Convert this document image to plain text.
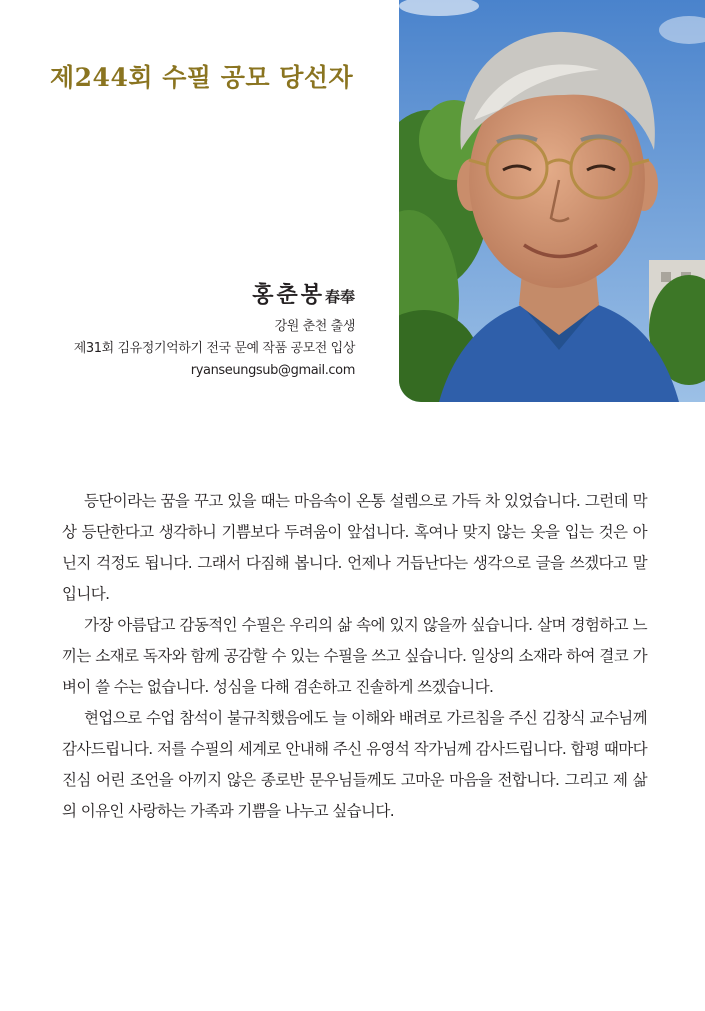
제244회 수필 공모 당선자
홍춘봉春奉
강원 춘천 출생
제31회 김유정기억하기 전국 문예 작품 공모전 입상
ryanseungsub@gmail.com

등단이라는 꿈을 꾸고 있을 때는 마음속이 온통 설렘으로 가득 차 있었습니다. 그런데 막상 등단한다고 생각하니 기쁨보다 두려움이 앞섭니다. 혹여나 맞지 않는 옷을 입는 것은 아닌지 걱정도 됩니다. 그래서 다짐해 봅니다. 언제나 거듭난다는 생각으로 글을 쓰겠다고 말입니다.

가장 아름답고 감동적인 수필은 우리의 삶 속에 있지 않을까 싶습니다. 살며 경험하고 느끼는 소재로 독자와 함께 공감할 수 있는 수필을 쓰고 싶습니다. 일상의 소재라 하여 결코 가벼이 쓸 수는 없습니다. 성심을 다해 겸손하고 진솔하게 쓰겠습니다.

현업으로 수업 참석이 불규칙했음에도 늘 이해와 배려로 가르침을 주신 김창식 교수님께 감사드립니다. 저를 수필의 세계로 안내해 주신 유영석 작가님께 감사드립니다. 합평 때마다 진심 어린 조언을 아끼지 않은 종로반 문우님들께도 고마운 마음을 전합니다. 그리고 제 삶의 이유인 사랑하는 가족과 기쁨을 나누고 싶습니다.
